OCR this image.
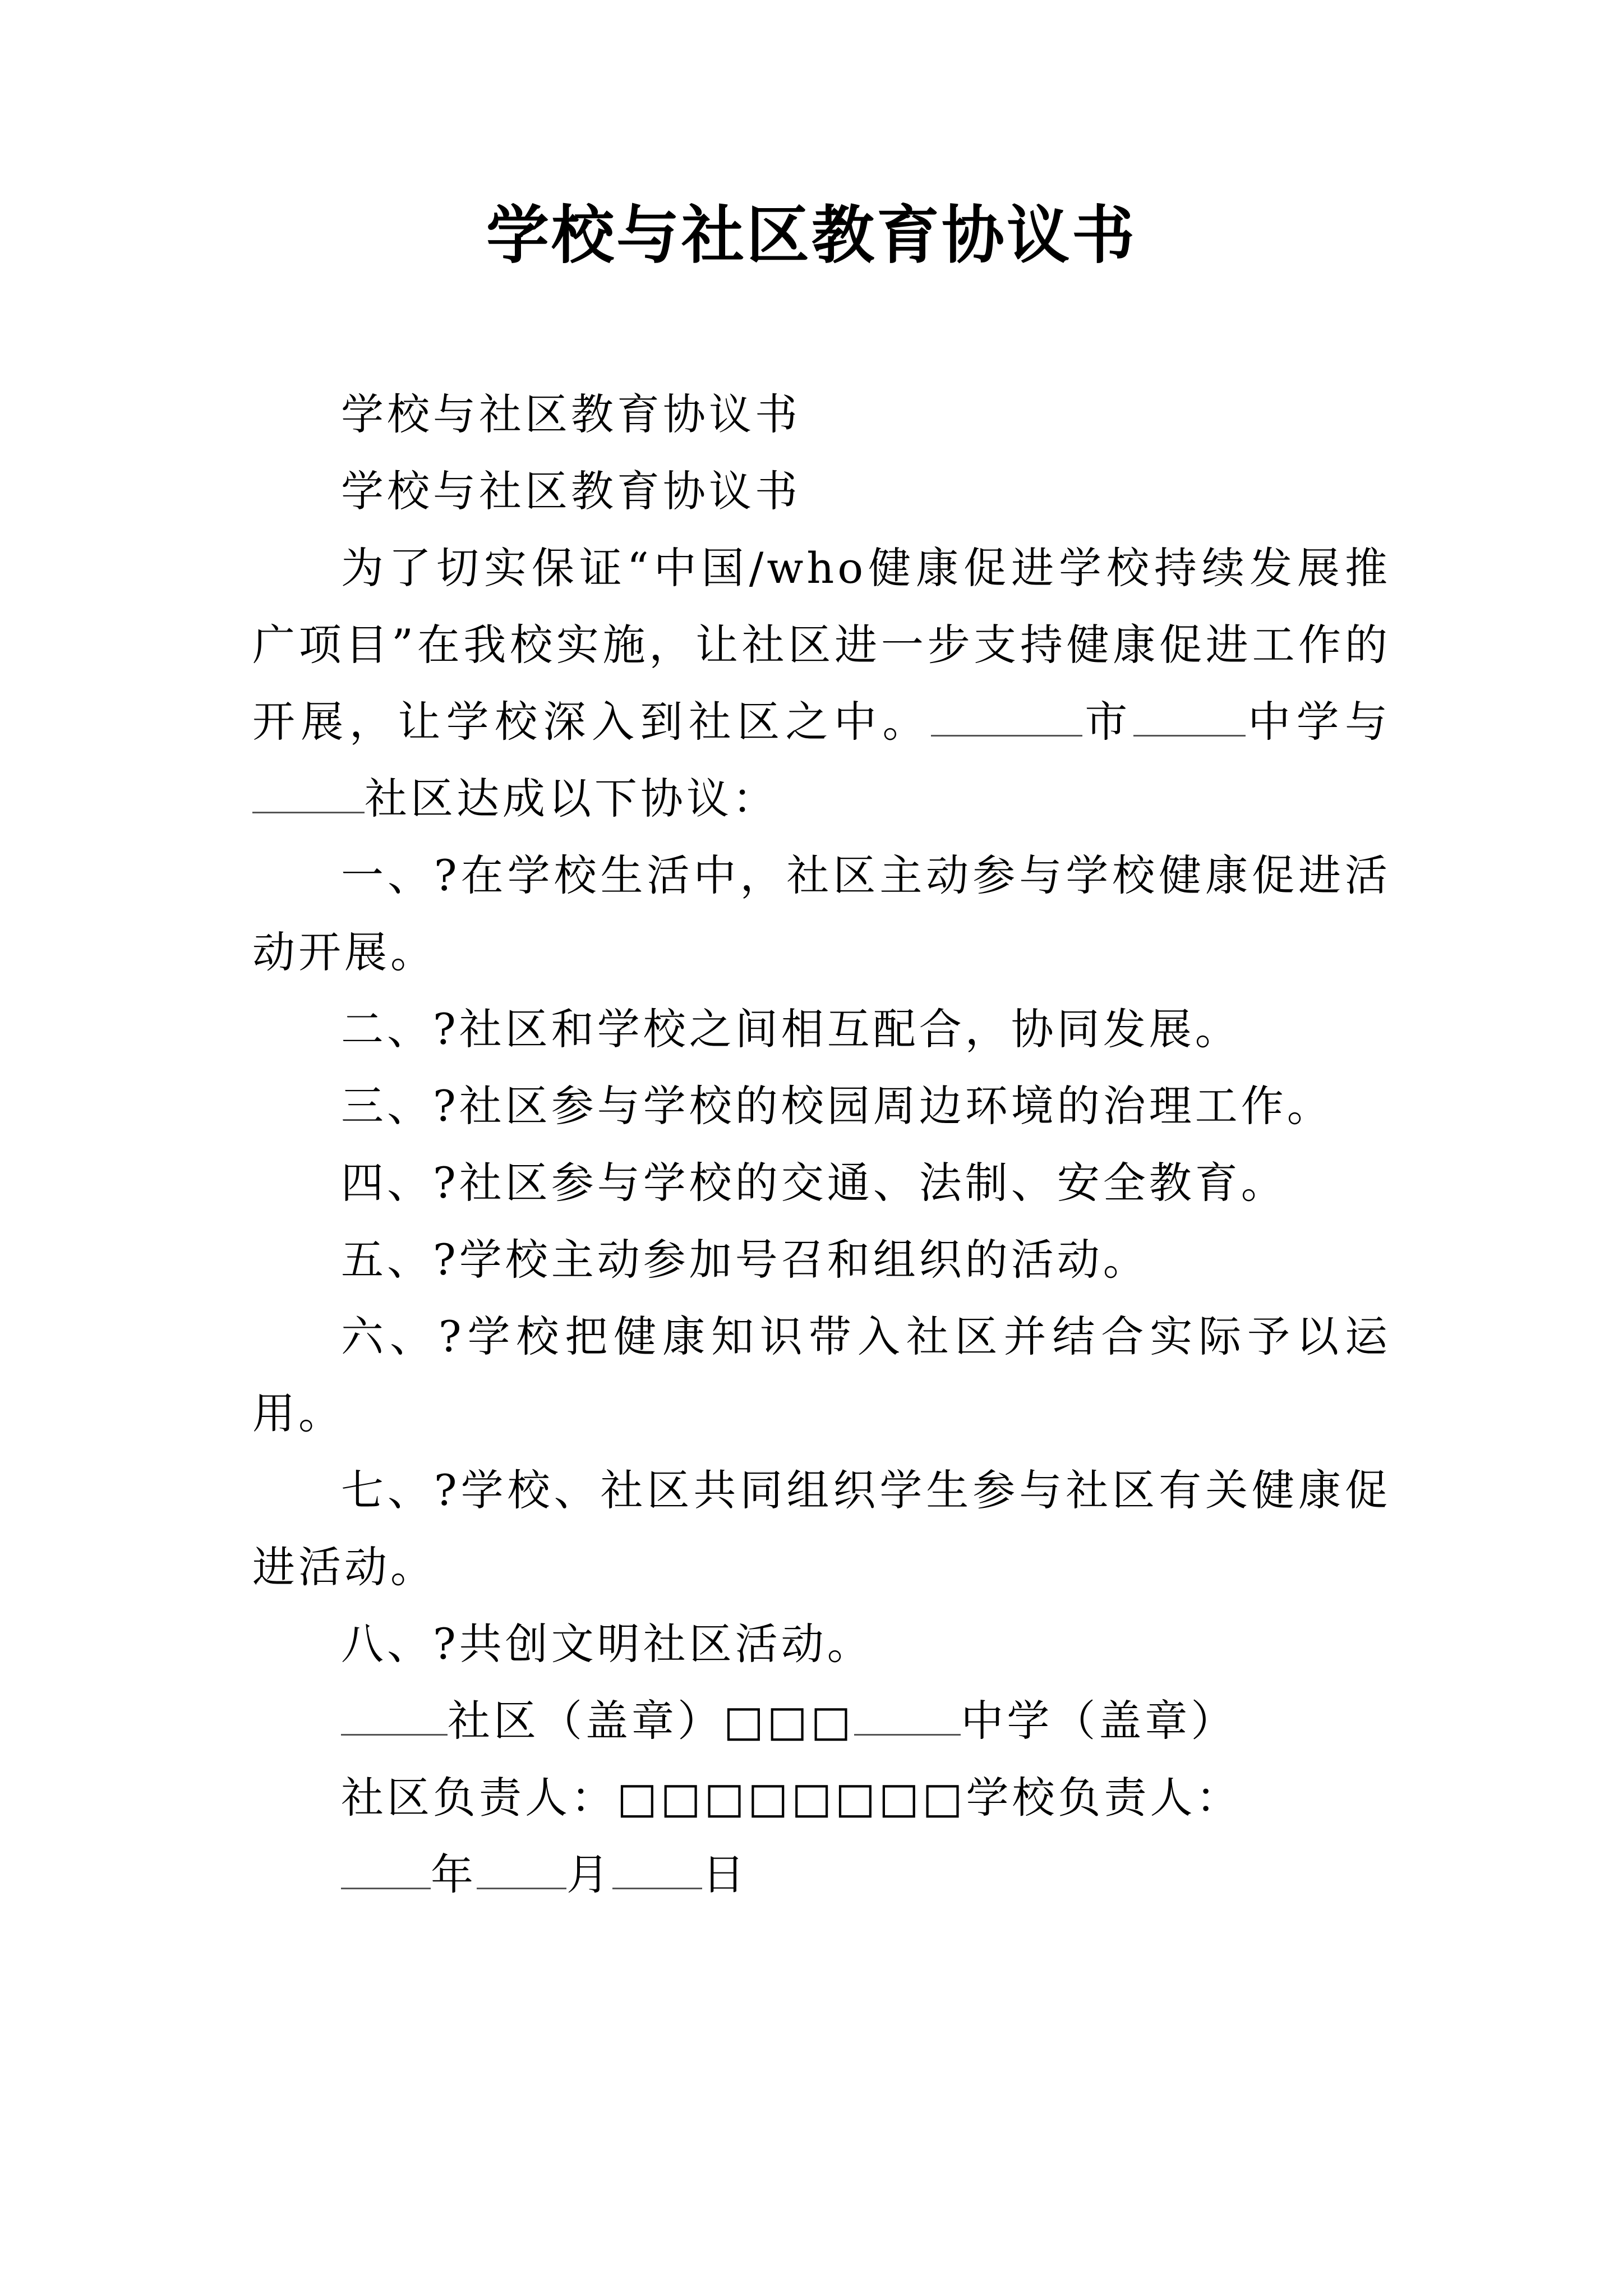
学校与社区教育协议书

学校与社区教育协议书

学校与社区教育协议书

为了切实保证“中国/who健康促进学校持续发展推广项目”在我校实施，让社区进一步支持健康促进工作的开展，让学校深入到社区之中。	市	中学与社区达成以下协议：

一、?在学校生活中，社区主动参与学校健康促进活动开展。

二、?社区和学校之间相互配合，协同发展。

三、?社区参与学校的校园周边环境的治理工作。

四、?社区参与学校的交通、法制、安全教育。

五、?学校主动参加号召和组织的活动。

六、?学校把健康知识带入社区并结合实际予以运用。

七、?学校、社区共同组织学生参与社区有关健康促进活动。

八、?共创文明社区活动。

社区（盖章）□□□	中学（盖章）

社区负责人：□□□□□□□□学校负责人：

年 月 日
